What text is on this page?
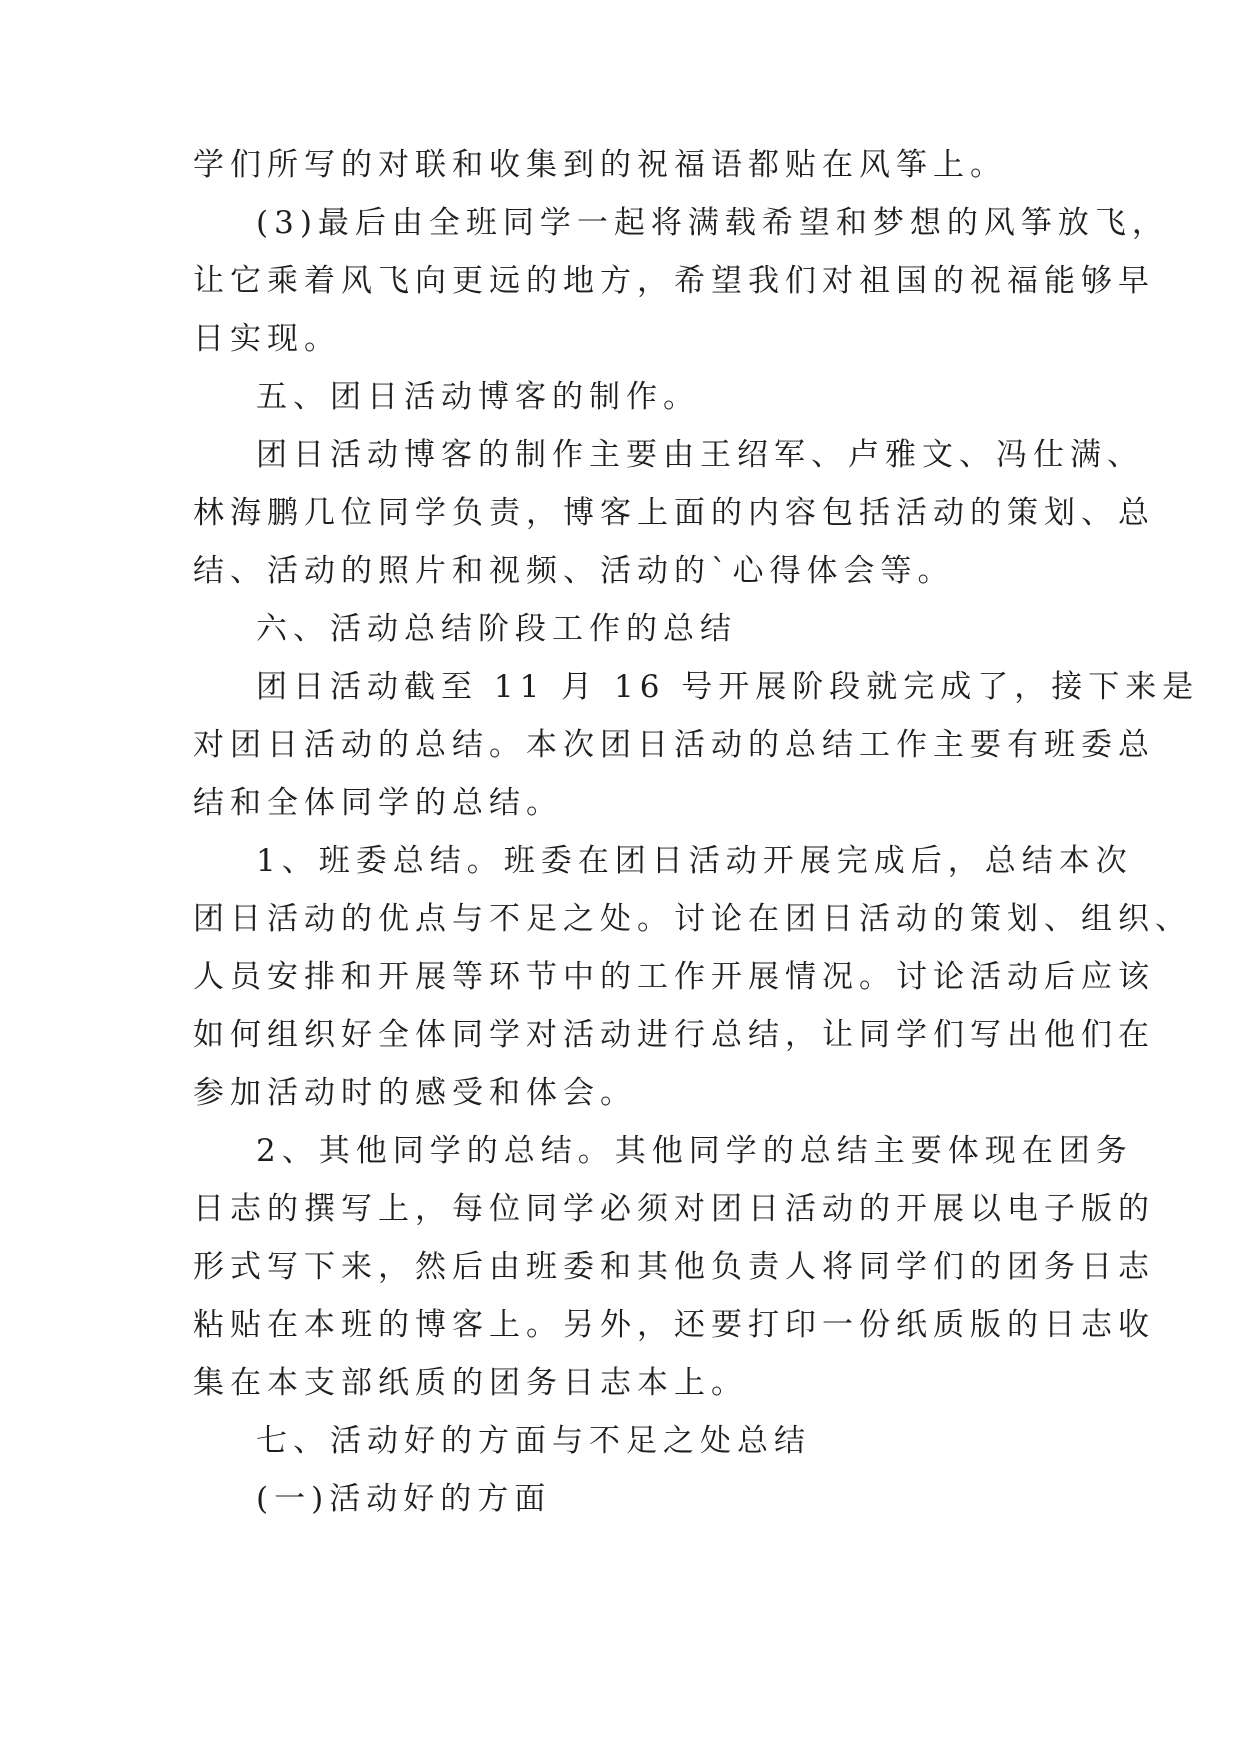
学们所写的对联和收集到的祝福语都贴在风筝上。

(3)最后由全班同学一起将满载希望和梦想的风筝放飞，

让它乘着风飞向更远的地方，希望我们对祖国的祝福能够早

日实现。

五、团日活动博客的制作。

团日活动博客的制作主要由王绍军、卢雅文、冯仕满、

林海鹏几位同学负责，博客上面的内容包括活动的策划、总

结、活动的照片和视频、活动的`心得体会等。

六、活动总结阶段工作的总结

团日活动截至 11 月 16 号开展阶段就完成了，接下来是

对团日活动的总结。本次团日活动的总结工作主要有班委总

结和全体同学的总结。

1、班委总结。班委在团日活动开展完成后，总结本次

团日活动的优点与不足之处。讨论在团日活动的策划、组织、

人员安排和开展等环节中的工作开展情况。讨论活动后应该

如何组织好全体同学对活动进行总结，让同学们写出他们在

参加活动时的感受和体会。

2、其他同学的总结。其他同学的总结主要体现在团务

日志的撰写上，每位同学必须对团日活动的开展以电子版的

形式写下来，然后由班委和其他负责人将同学们的团务日志

粘贴在本班的博客上。另外，还要打印一份纸质版的日志收

集在本支部纸质的团务日志本上。

七、活动好的方面与不足之处总结

(一)活动好的方面
